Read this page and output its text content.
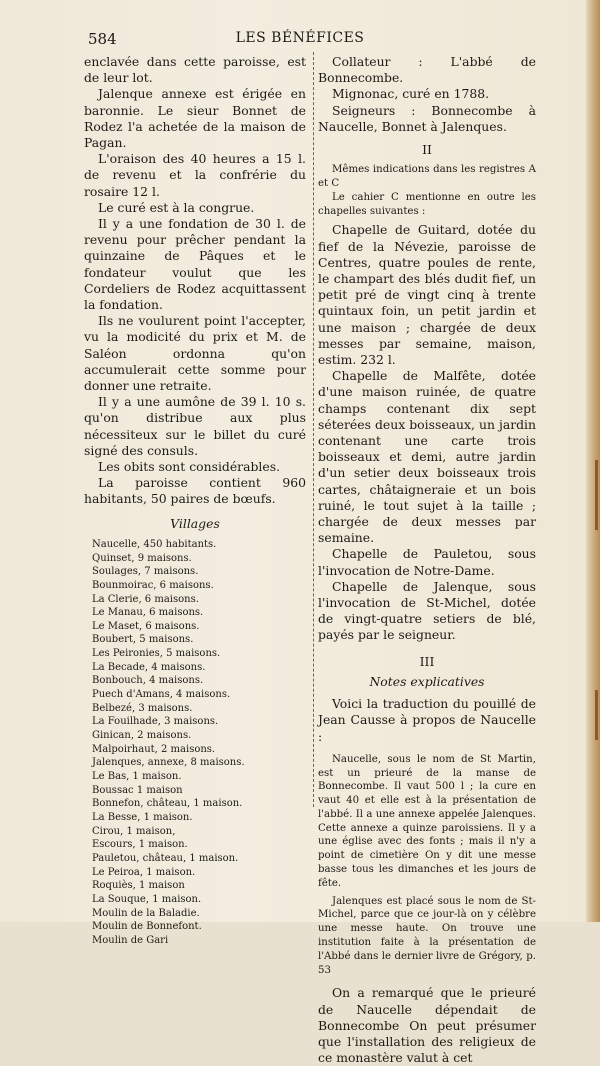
584	LES BÉNÉFICES

enclavée dans cette paroisse, est de leur lot.

Jalenque annexe est érigée en baronnie. Le sieur Bonnet de Rodez l'a achetée de la maison de Pagan.

L'oraison des 40 heures a 15 l. de revenu et la confrérie du rosaire 12 l.

Le curé est à la congrue.

Il y a une fondation de 30 l. de revenu pour prêcher pendant la quinzaine de Pâques et le fondateur voulut que les Cordeliers de Rodez acquittassent la fondation.

Ils ne voulurent point l'accepter, vu la modicité du prix et M. de Saléon ordonna qu'on accumulerait cette somme pour donner une retraite.

Il y a une aumône de 39 l. 10 s. qu'on distribue aux plus nécessiteux sur le billet du curé signé des consuls.

Les obits sont considérables.

La paroisse contient 960 habitants, 50 paires de bœufs.

Villages

Naucelle, 450 habitants.
Quinset, 9 maisons.
Soulages, 7 maisons.
Bounmoirac, 6 maisons.
La Clerie, 6 maisons.
Le Manau, 6 maisons.
Le Maset, 6 maisons.
Boubert, 5 maisons.
Les Peironies, 5 maisons.
La Becade, 4 maisons.
Bonbouch, 4 maisons.
Puech d'Amans, 4 maisons.
Belbezé, 3 maisons.
La Fouilhade, 3 maisons.
Ginican, 2 maisons.
Malpoirhaut, 2 maisons.
Jalenques, annexe, 8 maisons.
Le Bas, 1 maison.
Boussac 1 maison
Bonnefon, château, 1 maison.
La Besse, 1 maison.
Cirou, 1 maison,
Escours, 1 maison.
Pauletou, château, 1 maison.
Le Peiroa, 1 maison.
Roquiès, 1 maison
La Souque, 1 maison.
Moulin de la Baladie.
Moulin de Bonnefont.
Moulin de Gari

Collateur : L'abbé de Bonnecombe.

Mignonac, curé en 1788.

Seigneurs : Bonnecombe à Naucelle, Bonnet à Jalenques.

II

Mêmes indications dans les registres A et C

Le cahier C mentionne en outre les chapelles suivantes :

Chapelle de Guitard, dotée du fief de la Névezie, paroisse de Centres, quatre poules de rente, le champart des blés dudit fief, un petit pré de vingt cinq à trente quintaux foin, un petit jardin et une maison ; chargée de deux messes par semaine, maison, estim. 232 l.

Chapelle de Malfête, dotée d'une maison ruinée, de quatre champs contenant dix sept séterées deux boisseaux, un jardin contenant une carte trois boisseaux et demi, autre jardin d'un setier deux boisseaux trois cartes, châtaigneraie et un bois ruiné, le tout sujet à la taille ; chargée de deux messes par semaine.

Chapelle de Pauletou, sous l'invocation de Notre-Dame.

Chapelle de Jalenque, sous l'invocation de St-Michel, dotée de vingt-quatre setiers de blé, payés par le seigneur.

III

Notes explicatives

Voici la traduction du pouillé de Jean Causse à propos de Naucelle :

Naucelle, sous le nom de St Martin, est un prieuré de la manse de Bonnecombe. Il vaut 500 l ; la cure en vaut 40 et elle est à la présentation de l'abbé. Il a une annexe appelée Jalenques. Cette annexe a quinze paroissiens. Il y a une église avec des fonts ; mais il n'y a point de cimetière On y dit une messe basse tous les dimanches et les jours de fête.

Jalenques est placé sous le nom de St-Michel, parce que ce jour-là on y célèbre une messe haute. On trouve une institution faite à la présentation de l'Abbé dans le dernier livre de Grégory, p. 53

On a remarqué que le prieuré de Naucelle dépendait de Bonnecombe On peut présumer que l'installation des religieux de ce monastère valut à cet
